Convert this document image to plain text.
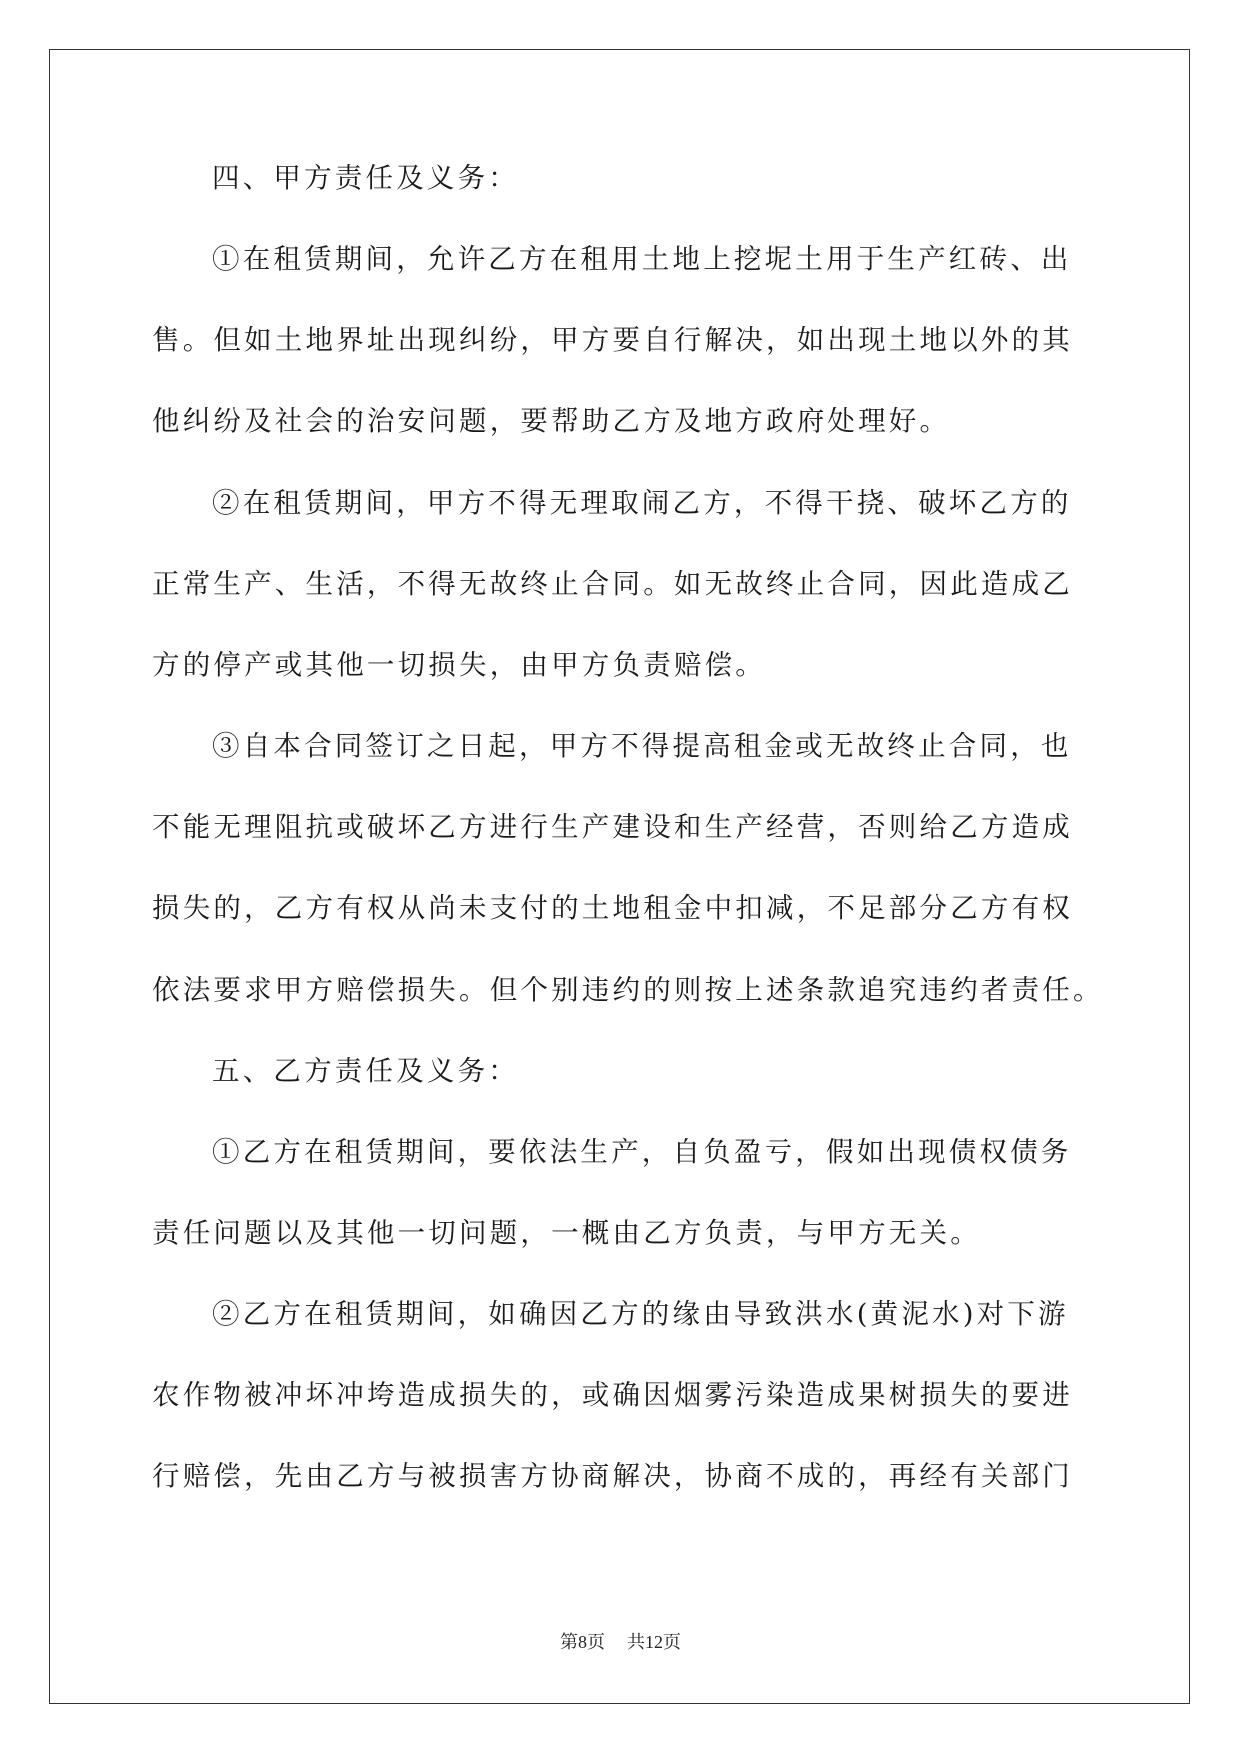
四、甲方责任及义务：
①在租赁期间，允许乙方在租用土地上挖坭土用于生产红砖、出
售。但如土地界址出现纠纷，甲方要自行解决，如出现土地以外的其
他纠纷及社会的治安问题，要帮助乙方及地方政府处理好。
②在租赁期间，甲方不得无理取闹乙方，不得干挠、破坏乙方的
正常生产、生活，不得无故终止合同。如无故终止合同，因此造成乙
方的停产或其他一切损失，由甲方负责赔偿。
③自本合同签订之日起，甲方不得提高租金或无故终止合同，也
不能无理阻抗或破坏乙方进行生产建设和生产经营，否则给乙方造成
损失的，乙方有权从尚未支付的土地租金中扣减，不足部分乙方有权
依法要求甲方赔偿损失。但个别违约的则按上述条款追究违约者责任。
五、乙方责任及义务：
①乙方在租赁期间，要依法生产，自负盈亏，假如出现债权债务
责任问题以及其他一切问题，一概由乙方负责，与甲方无关。
②乙方在租赁期间，如确因乙方的缘由导致洪水(黄泥水)对下游
农作物被冲坏冲垮造成损失的，或确因烟雾污染造成果树损失的要进
行赔偿，先由乙方与被损害方协商解决，协商不成的，再经有关部门
第8页 共12页
